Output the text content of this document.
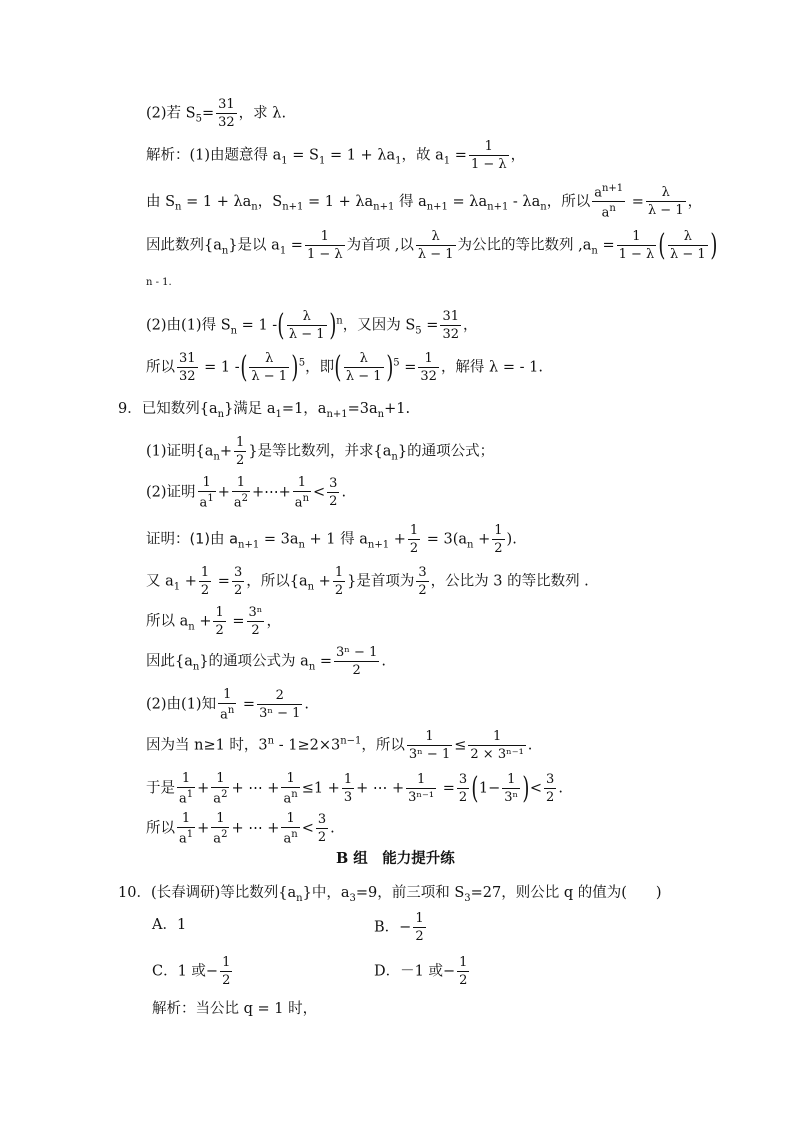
(2)若 $S_5= \frac{31}{32}$ ，求 λ.
解析：(1)由题意得 $a_1 = S_1 = 1 + \lambda a_1$，故 $a_1 = \frac{1}{1 - \lambda}$ ，
由 $S_n = 1 + \lambda a_n$，$S_{n+1} = 1 + \lambda a_{n+1}$ 得 $a_{n+1} = \lambda a_{n+1} - \lambda a_n$，所以 $\frac{a^{n+1}}{a^n} = \frac{\lambda}{\lambda - 1}$ ，
因此数列$\{a_n\}$是以 $a_1 = \frac{1}{1 - \lambda}$ 为首项 ,以 $\frac{\lambda}{\lambda - 1}$ 为公比的等比数列 $,a_n = \frac{1}{1 - \lambda}$ ( $\frac{\lambda}{\lambda - 1}$ )
n - 1.
(2)由(1)得 $S_n = 1$ -( $\frac{\lambda}{\lambda - 1} )^n$，又因为 $S_5 = \frac{31}{32}$ ，
所以 $\frac{31}{32} = 1$ -( $\frac{\lambda}{\lambda - 1} )^5$，即( $\frac{\lambda}{\lambda - 1} )^5 = \frac{1}{32}$ ，解得 λ = - 1.
9．已知数列$\{a_n\}$满足 $a_1=1$，$a_{n+1}=3a_n+1$.
(1)证明{$a_n+ \frac{1}{2}$ }是等比数列，并求$\{a_n\}$的通项公式；
(2)证明 $\frac{1}{a^1} + \frac{1}{a^2}$ +⋯+ $\frac{1}{a^n} < \frac{3}{2}$ .
证明：(1)由 $a_{n+1} = 3a_n + 1$ 得 $a_{n+1} + \frac{1}{2} = 3(a_n + \frac{1}{2}$ ).
又 $a_1 + \frac{1}{2} = \frac{3}{2}$ ，所以{$a_n + \frac{1}{2}$ }是首项为 $\frac{3}{2}$ ，公比为 3 的等比数列 .
所以 $a_n + \frac{1}{2} = \frac{\text{3ⁿ}}{2}$ ，
因此$\{a_n\}$的通项公式为 $a_n = \frac{\text{3ⁿ − 1}}{2}$ .
(2)由(1)知 $\frac{1}{a^n} = \frac{2}{\text{3ⁿ − 1}}$ .
因为当 n≥1 时，$3^n - 1\ge 2\times 3^{n-1}$，所以 $\frac{1}{\text{3ⁿ − 1}} \le \frac{1}{\text{2 × 3ⁿ⁻¹}}$ .
于是 $\frac{1}{a^1} + \frac{1}{a^2}$ + ⋯ + $\frac{1}{a^n} \le 1 + \frac{1}{3}$ + ⋯ + $\frac{1}{\text{3ⁿ⁻¹}} = \frac{3}{2} (1- \frac{1}{\text{3ⁿ}}$ )< $\frac{3}{2}$ .
所以 $\frac{1}{a^1} + \frac{1}{a^2}$ + ⋯ + $\frac{1}{a^n} < \frac{3}{2}$ .
B 组　能力提升练
10．(长春调研)等比数列$\{a_n\}$中，$a_3=9$，前三项和 $S_3=27$，则公比 q 的值为(　　)
A．1	B．− $\frac{1}{2}$
C．1 或− $\frac{1}{2}$	D．－1 或− $\frac{1}{2}$
解析：当公比 q = 1 时，
